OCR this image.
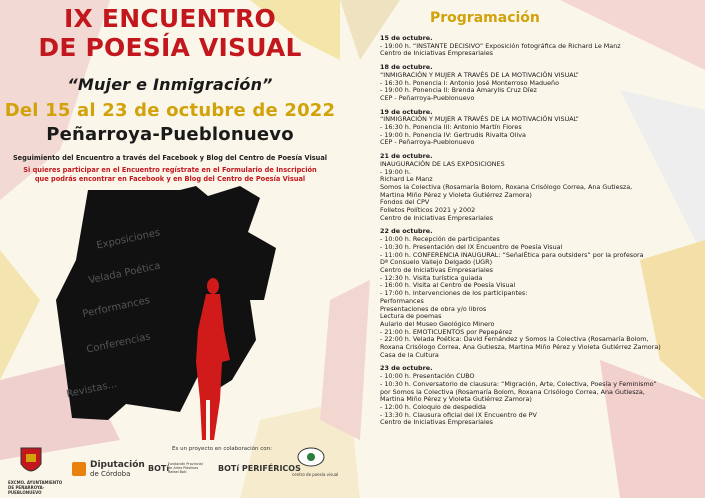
IX ENCUENTRO
DE POESÍA VISUAL
“Mujer e Inmigración”
Del 15 al 23 de octubre de 2022
Peñarroya-Pueblonuevo
Seguimiento del Encuentro a través del Facebook y Blog del Centro de Poesía Visual
Si quieres participar en el Encuentro regístrate en el Formulario de Inscripción
que podrás encontrar en Facebook y en Blog del Centro de Poesía Visual
Exposiciones
Velada Poética
Performances
Conferencias
Revistas...
Programación
15 de octubre.
- 19:00 h. “INSTANTE DECISIVO” Exposición fotográfica de Richard Le Manz
Centro de Iniciativas Empresariales
18 de octubre.
“INMIGRACIÓN Y MUJER A TRAVÉS DE LA MOTIVACIÓN VISUAL”
- 16:30 h. Ponencia I: Antonio José Monterroso Madueño
- 19:00 h. Ponencia II: Brenda Amarylis Cruz Díez
CEP - Peñarroya-Pueblonuevo
19 de octubre.
“INMIGRACIÓN Y MUJER A TRAVÉS DE LA MOTIVACIÓN VISUAL”
- 16:30 h. Ponencia III: Antonio Martín Flores
- 19:00 h. Ponencia IV: Gertrudis Rivalta Oliva
CEP - Peñarroya-Pueblonuevo
21 de octubre.
INAUGURACIÓN DE LAS EXPOSICIONES
- 19:00 h.
Richard Le Manz
Somos la Colectiva (Rosamaría Bolom, Roxana Crisólogo Correa, Ana Gutiesza,
Martina Miño Pérez y Violeta Gutiérrez Zamora)
Fondos del CPV
Folletos Políticos 2021 y 2002
Centro de Iniciativas Empresariales
22 de octubre.
- 10:00 h. Recepción de participantes
- 10:30 h. Presentación del IX Encuentro de Poesía Visual
- 11:00 h. CONFERENCIA INAUGURAL: “SeñalÉtica para outsiders” por la profesora
Dª Consuelo Vallejo Delgado (UGR)
Centro de Iniciativas Empresariales
- 12:30 h. Visita turística guiada
- 16:00 h. Visita al Centro de Poesía Visual
- 17:00 h. Intervenciones de los participantes:
Performances
Presentaciones de obra y/o libros
Lectura de poemas
Aulario del Museo Geológico Minero
- 21:00 h. EMOTICUENTOS por Pepepérez
- 22:00 h. Velada Poética: David Fernández y Somos la Colectiva (Rosamaría Bolom,
Roxana Crisólogo Correa, Ana Gutiesza, Martina Miño Pérez y Violeta Gutiérrez Zamora)
Casa de la Cultura
23 de octubre.
- 10:00 h. Presentación CUBO
- 10:30 h. Conversatorio de clausura: “Migración, Arte, Colectiva, Poesía y Feminismo”
por Somos la Colectiva (Rosamaría Bolom, Roxana Crisólogo Correa, Ana Gutiesza,
Martina Miño Pérez y Violeta Gutiérrez Zamora)
- 12:00 h. Coloquio de despedida
- 13:30 h. Clausura oficial del IX Encuentro de PV
Centro de Iniciativas Empresariales
EXCMO. AYUNTAMIENTO DE PEÑARROYA-PUEBLONUEVO
Diputación
de Córdoba
Es un proyecto en colaboración con:
BOTí
Fundación Provincial de Artes Plásticas Rafael Botí	BOTí PERIFÉRICOS
centro de poesía visual
